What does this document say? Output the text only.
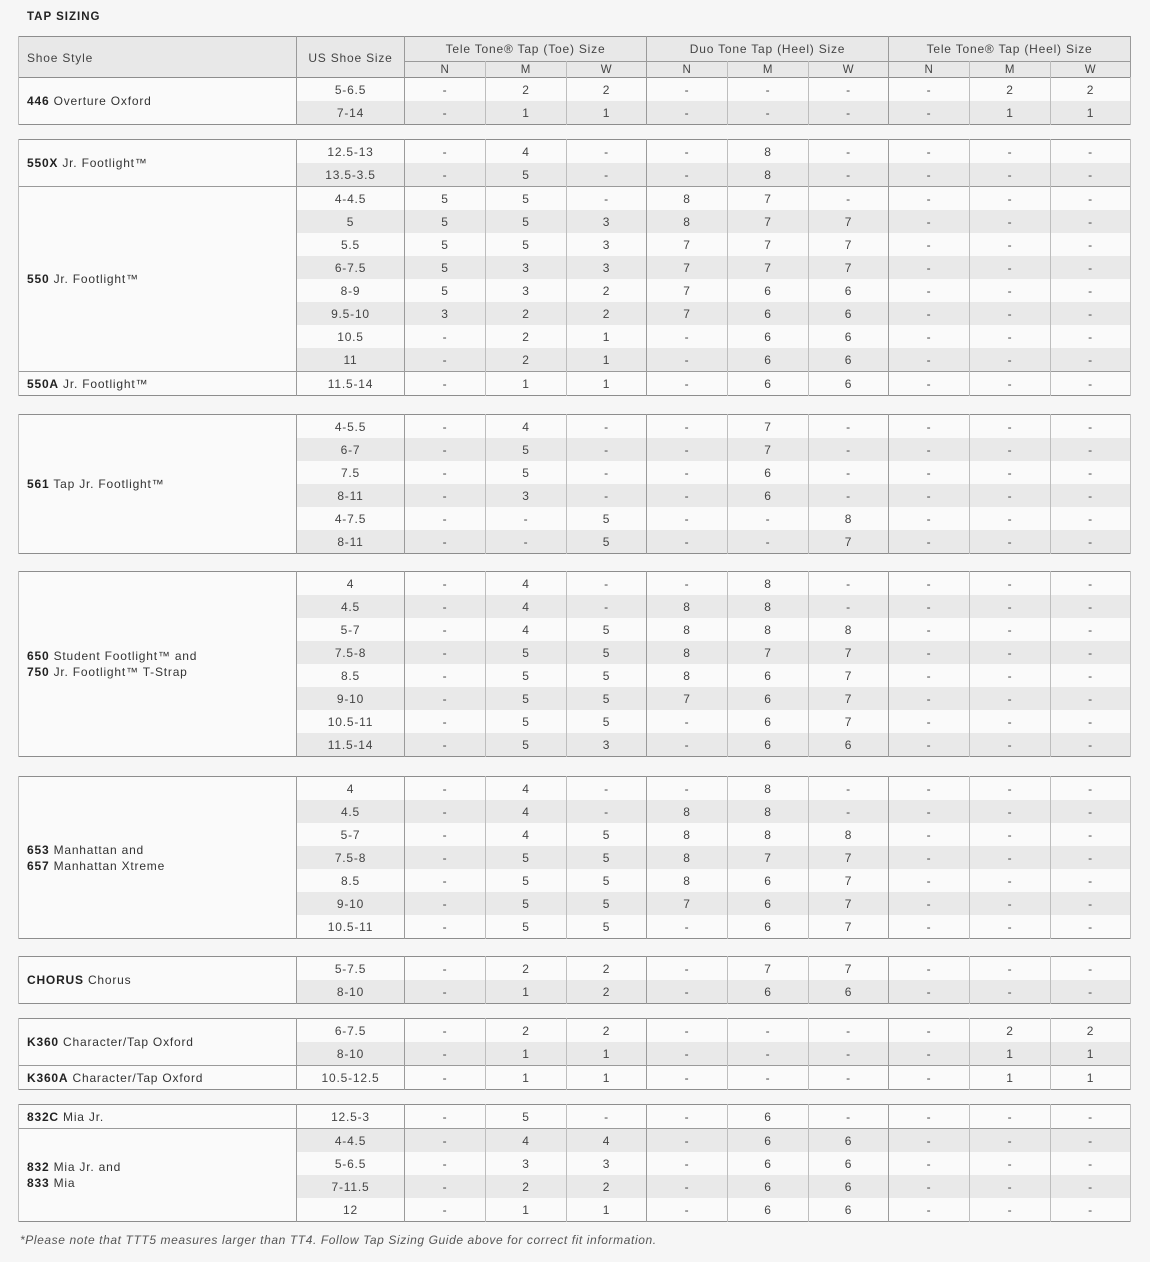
TAP SIZING
Shoe Style	US Shoe Size	Tele Tone® Tap (Toe) Size			Duo Tone Tap (Heel) Size			Tele Tone® Tap (Heel) Size		
		N	M	W	N	M	W	N	M	W
446 Overture Oxford	5-6.5	-	2	2	-	-	-	-	2	2
	7-14	-	1	1	-	-	-	-	1	1
550X Jr. Footlight™	12.5-13	-	4	-	-	8	-	-	-	-
	13.5-3.5	-	5	-	-	8	-	-	-	-
550 Jr. Footlight™	4-4.5	5	5	-	8	7	-	-	-	-
	5	5	5	3	8	7	7	-	-	-
	5.5	5	5	3	7	7	7	-	-	-
	6-7.5	5	3	3	7	7	7	-	-	-
	8-9	5	3	2	7	6	6	-	-	-
	9.5-10	3	2	2	7	6	6	-	-	-
	10.5	-	2	1	-	6	6	-	-	-
	11	-	2	1	-	6	6	-	-	-
550A Jr. Footlight™	11.5-14	-	1	1	-	6	6	-	-	-
561 Tap Jr. Footlight™	4-5.5	-	4	-	-	7	-	-	-	-
	6-7	-	5	-	-	7	-	-	-	-
	7.5	-	5	-	-	6	-	-	-	-
	8-11	-	3	-	-	6	-	-	-	-
	4-7.5	-	-	5	-	-	8	-	-	-
	8-11	-	-	5	-	-	7	-	-	-
650 Student Footlight™ and
750 Jr. Footlight™ T-Strap	4	-	4	-	-	8	-	-	-	-
	4.5	-	4	-	8	8	-	-	-	-
	5-7	-	4	5	8	8	8	-	-	-
	7.5-8	-	5	5	8	7	7	-	-	-
	8.5	-	5	5	8	6	7	-	-	-
	9-10	-	5	5	7	6	7	-	-	-
	10.5-11	-	5	5	-	6	7	-	-	-
	11.5-14	-	5	3	-	6	6	-	-	-
653 Manhattan and
657 Manhattan Xtreme	4	-	4	-	-	8	-	-	-	-
	4.5	-	4	-	8	8	-	-	-	-
	5-7	-	4	5	8	8	8	-	-	-
	7.5-8	-	5	5	8	7	7	-	-	-
	8.5	-	5	5	8	6	7	-	-	-
	9-10	-	5	5	7	6	7	-	-	-
	10.5-11	-	5	5	-	6	7	-	-	-
CHORUS Chorus	5-7.5	-	2	2	-	7	7	-	-	-
	8-10	-	1	2	-	6	6	-	-	-
K360 Character/Tap Oxford	6-7.5	-	2	2	-	-	-	-	2	2
	8-10	-	1	1	-	-	-	-	1	1
K360A Character/Tap Oxford	10.5-12.5	-	1	1	-	-	-	-	1	1
832C Mia Jr.	12.5-3	-	5	-	-	6	-	-	-	-
832 Mia Jr. and
833 Mia	4-4.5	-	4	4	-	6	6	-	-	-
	5-6.5	-	3	3	-	6	6	-	-	-
	7-11.5	-	2	2	-	6	6	-	-	-
	12	-	1	1	-	6	6	-	-	-
*Please note that TTT5 measures larger than TT4. Follow Tap Sizing Guide above for correct fit information.
